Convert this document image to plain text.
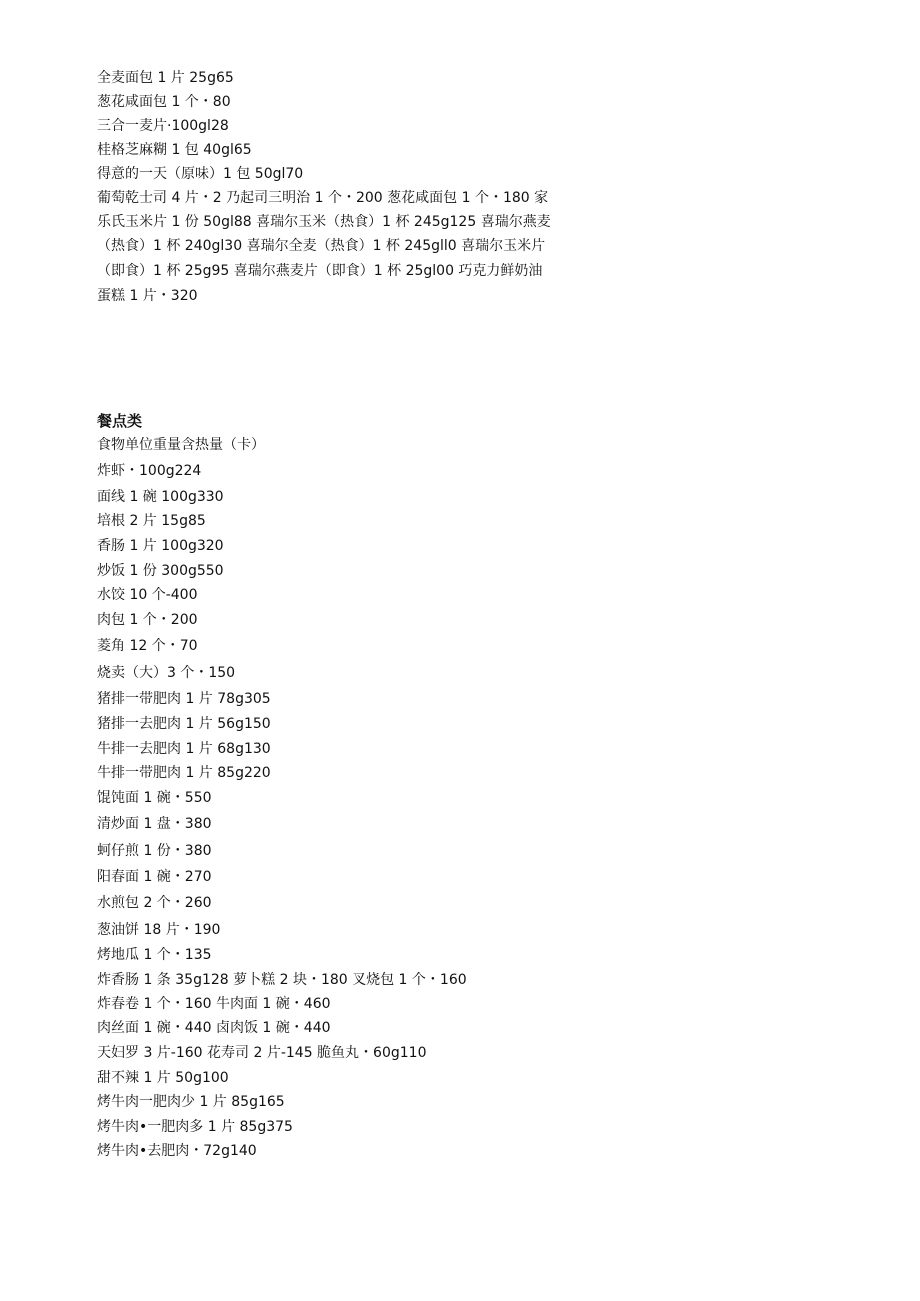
全麦面包 1 片 25g65
葱花咸面包 1 个・80
三合一麦片·100gl28
桂格芝麻糊 1 包 40gl65
得意的一天（原味）1 包 50gl70
葡萄乾士司 4 片・2 乃起司三明治 1 个・200 葱花咸面包 1 个・180 家
乐氏玉米片 1 份 50gl88 喜瑞尔玉米（热食）1 杯 245g125 喜瑞尔燕麦
（热食）1 杯 240gl30 喜瑞尔全麦（热食）1 杯 245gll0 喜瑞尔玉米片
（即食）1 杯 25g95 喜瑞尔燕麦片（即食）1 杯 25gl00 巧克力鲜奶油
蛋糕 1 片・320
餐点类
食物单位重量含热量（卡）
炸虾・100g224
面线 1 碗 100g330
培根 2 片 15g85
香肠 1 片 100g320
炒饭 1 份 300g550
水饺 10 个-400
肉包 1 个・200
菱角 12 个・70
烧卖（大）3 个・150
猪排一带肥肉 1 片 78g305
猪排一去肥肉 1 片 56g150
牛排一去肥肉 1 片 68g130
牛排一带肥肉 1 片 85g220
馄饨面 1 碗・550
清炒面 1 盘・380
蚵仔煎 1 份・380
阳春面 1 碗・270
水煎包 2 个・260
葱油饼 18 片・190
烤地瓜 1 个・135
炸香肠 1 条 35g128 萝卜糕 2 块・180 叉烧包 1 个・160
炸春卷 1 个・160 牛肉面 1 碗・460
肉丝面 1 碗・440 卤肉饭 1 碗・440
天妇罗 3 片-160 花寿司 2 片-145 脆鱼丸・60g110
甜不辣 1 片 50g100
烤牛肉一肥肉少 1 片 85g165
烤牛肉•一肥肉多 1 片 85g375
烤牛肉•去肥肉・72g140
